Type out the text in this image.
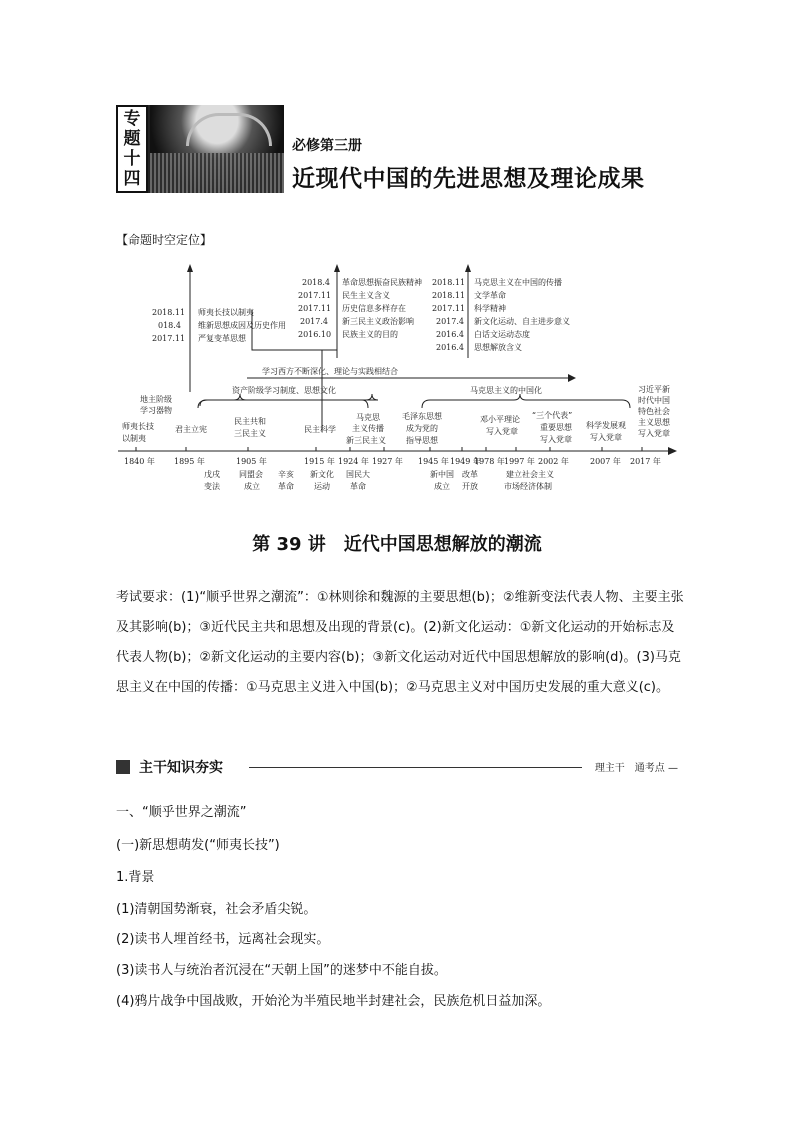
专
题
十
四
必修第三册
近现代中国的先进思想及理论成果
【命题时空定位】
2018.11 师夷长技以制夷
018.4 维新思想成因及历史作用
2017.11 严复变革思想
2018.4 革命思想振奋民族精神
2017.11 民生主义含义
2017.11 历史信息多样存在
2017.4 新三民主义政治影响
2016.10 民族主义的目的
2018.11 马克思主义在中国的传播
2018.11 文学革命
2017.11 科学精神
2017.4 新文化运动、自主进步意义
2016.4 白话文运动态度
2016.4 思想解放含义
学习西方不断深化、理论与实践相结合
资产阶级学习制度、思想文化	马克思主义的中国化
地主阶级
学习器物
师夷长技
以制夷
君主立宪
民主共和
三民主义	民主科学
马克思
主义传播
新三民主义
毛泽东思想
成为党的
指导思想
邓小平理论
写入党章
“三个代表”
重要思想
写入党章
科学发展观
写入党章
习近平新
时代中国
特色社会
主义思想
写入党章
1840 年 1895 年	1905 年	1915 年 1924 年 1927 年 1945 年 1949 年
1978 年 1997 年 2002 年	2007 年 2017 年
戊戌
变法
同盟会
成立
辛亥
革命
新文化
运动
国民大
革命
新中国
成立
改革
开放
建立社会主义
市场经济体制
第 39 讲　近代中国思想解放的潮流
考试要求：(1)“顺乎世界之潮流”：①林则徐和魏源的主要思想(b)；②维新变法代表人物、主要主张及其影响(b)；③近代民主共和思想及出现的背景(c)。(2)新文化运动：①新文化运动的开始标志及代表人物(b)；②新文化运动的主要内容(b)；③新文化运动对近代中国思想解放的影响(d)。(3)马克思主义在中国的传播：①马克思主义进入中国(b)；②马克思主义对中国历史发展的重大意义(c)。
主干知识夯实	理主干　通考点 —
一、“顺乎世界之潮流”
(一)新思想萌发(“师夷长技”)
1.背景
(1)清朝国势渐衰，社会矛盾尖锐。
(2)读书人埋首经书，远离社会现实。
(3)读书人与统治者沉浸在“天朝上国”的迷梦中不能自拔。
(4)鸦片战争中国战败，开始沦为半殖民地半封建社会，民族危机日益加深。
